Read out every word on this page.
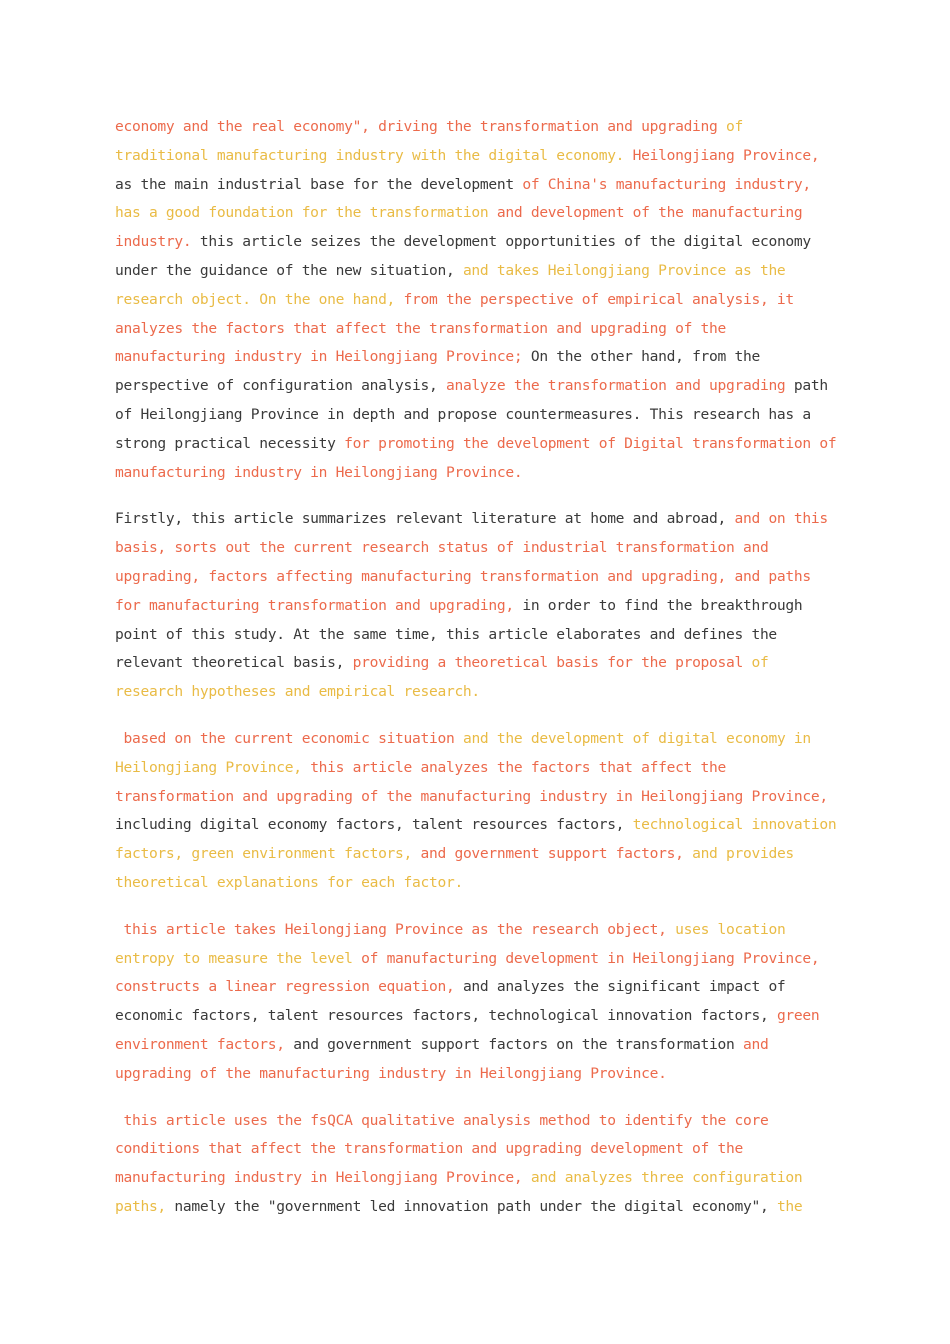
economy and the real economy", driving the transformation and upgrading of traditional manufacturing industry with the digital economy. Heilongjiang Province, as the main industrial base for the development of China's manufacturing industry, has a good foundation for the transformation and development of the manufacturing industry. this article seizes the development opportunities of the digital economy under the guidance of the new situation, and takes Heilongjiang Province as the research object. On the one hand, from the perspective of empirical analysis, it analyzes the factors that affect the transformation and upgrading of the manufacturing industry in Heilongjiang Province; On the other hand, from the perspective of configuration analysis, analyze the transformation and upgrading path of Heilongjiang Province in depth and propose countermeasures. This research has a strong practical necessity for promoting the development of Digital transformation of manufacturing industry in Heilongjiang Province.

Firstly, this article summarizes relevant literature at home and abroad, and on this basis, sorts out the current research status of industrial transformation and upgrading, factors affecting manufacturing transformation and upgrading, and paths for manufacturing transformation and upgrading, in order to find the breakthrough point of this study. At the same time, this article elaborates and defines the relevant theoretical basis, providing a theoretical basis for the proposal of research hypotheses and empirical research.

based on the current economic situation and the development of digital economy in Heilongjiang Province, this article analyzes the factors that affect the transformation and upgrading of the manufacturing industry in Heilongjiang Province, including digital economy factors, talent resources factors, technological innovation factors, green environment factors, and government support factors, and provides theoretical explanations for each factor.

this article takes Heilongjiang Province as the research object, uses location entropy to measure the level of manufacturing development in Heilongjiang Province, constructs a linear regression equation, and analyzes the significant impact of economic factors, talent resources factors, technological innovation factors, green environment factors, and government support factors on the transformation and upgrading of the manufacturing industry in Heilongjiang Province.

this article uses the fsQCA qualitative analysis method to identify the core conditions that affect the transformation and upgrading development of the manufacturing industry in Heilongjiang Province, and analyzes three configuration paths, namely the "government led innovation path under the digital economy", the
